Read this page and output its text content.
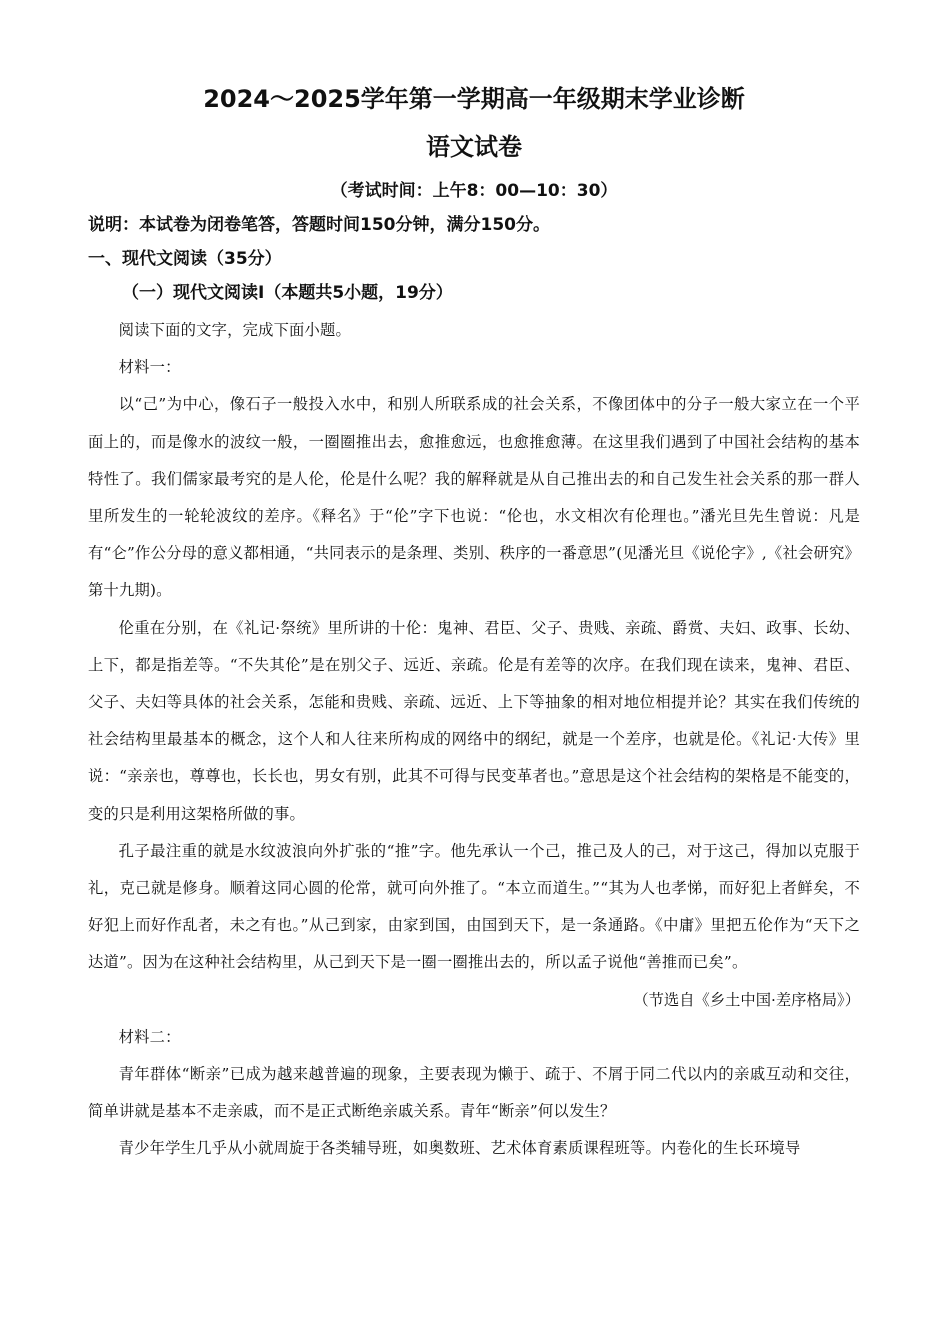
2024～2025学年第一学期高一年级期末学业诊断
语文试卷
（考试时间：上午8：00—10：30）
说明：本试卷为闭卷笔答，答题时间150分钟，满分150分。
一、现代文阅读（35分）
（一）现代文阅读Ⅰ（本题共5小题，19分）

阅读下面的文字，完成下面小题。

材料一：

以“己”为中心，像石子一般投入水中，和别人所联系成的社会关系，不像团体中的分子一般大家立在一个平面上的，而是像水的波纹一般，一圈圈推出去，愈推愈远，也愈推愈薄。在这里我们遇到了中国社会结构的基本特性了。我们儒家最考究的是人伦，伦是什么呢？我的解释就是从自己推出去的和自己发生社会关系的那一群人里所发生的一轮轮波纹的差序。《释名》于“伦”字下也说：“伦也，水文相次有伦理也。”潘光旦先生曾说：凡是有“仑”作公分母的意义都相通，“共同表示的是条理、类别、秩序的一番意思”(见潘光旦《说伦字》,《社会研究》第十九期)。

伦重在分别，在《礼记·祭统》里所讲的十伦：鬼神、君臣、父子、贵贱、亲疏、爵赏、夫妇、政事、长幼、上下，都是指差等。“不失其伦”是在别父子、远近、亲疏。伦是有差等的次序。在我们现在读来，鬼神、君臣、父子、夫妇等具体的社会关系，怎能和贵贱、亲疏、远近、上下等抽象的相对地位相提并论？其实在我们传统的社会结构里最基本的概念，这个人和人往来所构成的网络中的纲纪，就是一个差序，也就是伦。《礼记·大传》里说：“亲亲也，尊尊也，长长也，男女有别，此其不可得与民变革者也。”意思是这个社会结构的架格是不能变的，变的只是利用这架格所做的事。

孔子最注重的就是水纹波浪向外扩张的“推”字。他先承认一个己，推己及人的己，对于这己，得加以克服于礼，克己就是修身。顺着这同心圆的伦常，就可向外推了。“本立而道生。”“其为人也孝悌，而好犯上者鲜矣，不好犯上而好作乱者，未之有也。”从己到家，由家到国，由国到天下，是一条通路。《中庸》里把五伦作为“天下之达道”。因为在这种社会结构里，从己到天下是一圈一圈推出去的，所以孟子说他“善推而已矣”。

（节选自《乡土中国·差序格局》）

材料二：

青年群体“断亲”已成为越来越普遍的现象，主要表现为懒于、疏于、不屑于同二代以内的亲戚互动和交往，简单讲就是基本不走亲戚，而不是正式断绝亲戚关系。青年“断亲”何以发生？

青少年学生几乎从小就周旋于各类辅导班，如奥数班、艺术体育素质课程班等。内卷化的生长环境导
